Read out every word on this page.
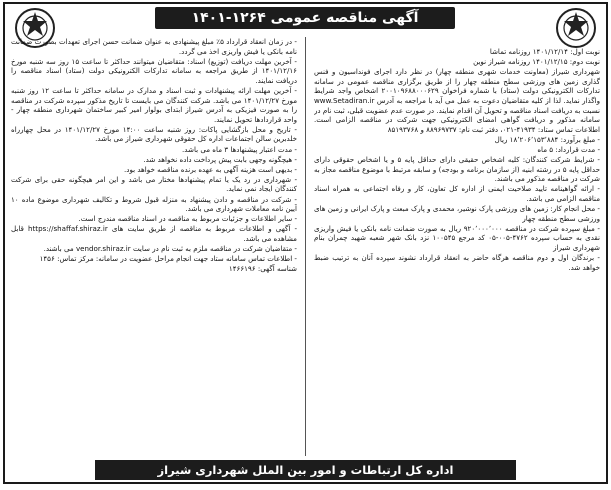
آگهی مناقصه عمومی ۱۲۶۴-۱۴۰۱

نوبت اول: ۱۴۰۱/۱۲/۱۴ روزنامه تماشا

نوبت دوم: ۱۴۰۱/۱۲/۱۵ روزنامه شیراز نوین

شهرداری شیراز (معاونت خدمات شهری منطقه چهار) در نظر دارد اجرای فونداسیون و فنس گذاری زمین های ورزشی سطح منطقه چهار را از طریق برگزاری مناقصه عمومی در سامانه تدارکات الکترونیکی دولت (ستاد) با شماره فراخوان ۲۰۰۱۰۹۶۸۸۰۰۰۶۲۹ اشخاص واجد شرایط واگذار نماید. لذا از کلیه متقاضیان دعوت به عمل می آید با مراجعه به آدرس www.Setadiran.ir نسبت به دریافت اسناد مناقصه و تحویل آن اقدام نمایند. در صورت عدم عضویت قبلی، ثبت نام در سامانه مذکور و دریافت گواهی امضای الکترونیکی جهت شرکت در مناقصه الزامی است. اطلاعات تماس ستاد: ۴۱۹۳۴-۰۲۱، دفتر ثبت نام: ۸۸۹۶۹۷۳۷ و ۸۵۱۹۳۷۶۸

- مبلغ برآورد: ۱۸٬۲۰۶٬۱۵۳٬۸۸۴ ریال

- مدت قرارداد: ۵ ماه

- شرایط شرکت کنندگان: کلیه اشخاص حقیقی دارای حداقل پایه ۵ و یا اشخاص حقوقی دارای حداقل پایه ۵ در رشته ابنیه (از سازمان برنامه و بودجه) و سابقه مرتبط با موضوع مناقصه مجاز به شرکت در مناقصه مذکور می باشند.

- ارائه گواهینامه تایید صلاحیت ایمنی از اداره کل تعاون، کار و رفاه اجتماعی به همراه اسناد مناقصه الزامی می باشد.

- محل انجام کار: زمین های ورزشی پارک نوشیر، محمدی و پارک مبعث و پارک ایرانی و زمین های ورزشی سطح منطقه چهار

- مبلغ سپرده شرکت در مناقصه ۹۲۰٬۰۰۰٬۰۰۰ ریال به صورت ضمانت نامه بانکی یا فیش واریزی نقدی به حساب سپرده ۴۷۶۲-۰۰۵-۰۵ کد مرجع ۱۰۰۵۴۵ نزد بانک شهر شعبه شهید چمران بنام شهرداری شیراز

- برندگان اول و دوم مناقصه هرگاه حاضر به انعقاد قرارداد نشوند سپرده آنان به ترتیب ضبط خواهد شد.

- در زمان انعقاد قرارداد ۵٪ مبلغ پیشنهادی به عنوان ضمانت حسن اجرای تعهدات بصورت ضمانت نامه بانکی یا فیش واریزی اخذ می گردد.

- آخرین مهلت دریافت (توزیع) اسناد: متقاضیان میتوانند حداکثر تا ساعت ۱۵ روز سه شنبه مورخ ۱۴۰۱/۱۲/۱۶ از طریق مراجعه به سامانه تدارکات الکترونیکی دولت (ستاد) اسناد مناقصه را دریافت نمایند.

- آخرین مهلت ارائه پیشنهادات و ثبت اسناد و مدارک در سامانه حداکثر تا ساعت ۱۲ روز شنبه مورخ ۱۴۰۱/۱۲/۲۷ می باشد. شرکت کنندگان می بایست تا تاریخ مذکور سپرده شرکت در مناقصه را به صورت فیزیکی به آدرس شیراز ابتدای بولوار امیر کبیر ساختمان شهرداری منطقه چهار - واحد قراردادها تحویل نمایند.

- تاریخ و محل بازگشایی پاکات: روز شنبه ساعت ۱۴:۰۰ مورخ ۱۴۰۱/۱۲/۲۷ در محل چهارراه خلدبرین سالن اجتماعات اداره کل حقوقی شهرداری شیراز می باشد.

- مدت اعتبار پیشنهادها ۳ ماه می باشد.

- هیچگونه وجهی بابت پیش پرداخت داده نخواهد شد.

- بدیهی است هزینه آگهی به عهده برنده مناقصه خواهد بود.

- شهرداری در رد یک یا تمام پیشنهادها مختار می باشد و این امر هیچگونه حقی برای شرکت کنندگان ایجاد نمی نماید.

- شرکت در مناقصه و دادن پیشنهاد به منزله قبول شروط و تکالیف شهرداری موضوع ماده ۱۰ آیین نامه معاملات شهرداری می باشد.

- سایر اطلاعات و جزئیات مربوط به مناقصه در اسناد مناقصه مندرج است.

- آگهی و اطلاعات مربوط به مناقصه از طریق سایت های https://shaffaf.shiraz.ir قابل مشاهده می باشد.

- متقاضیان شرکت در مناقصه ملزم به ثبت نام در سایت vendor.shiraz.ir می باشند.

- اطلاعات تماس سامانه ستاد جهت انجام مراحل عضویت در سامانه: مرکز تماس: ۱۴۵۶

شناسه آگهی: ۱۴۶۶۱۹۶

اداره کل ارتباطات و امور بین الملل شهرداری شیراز
